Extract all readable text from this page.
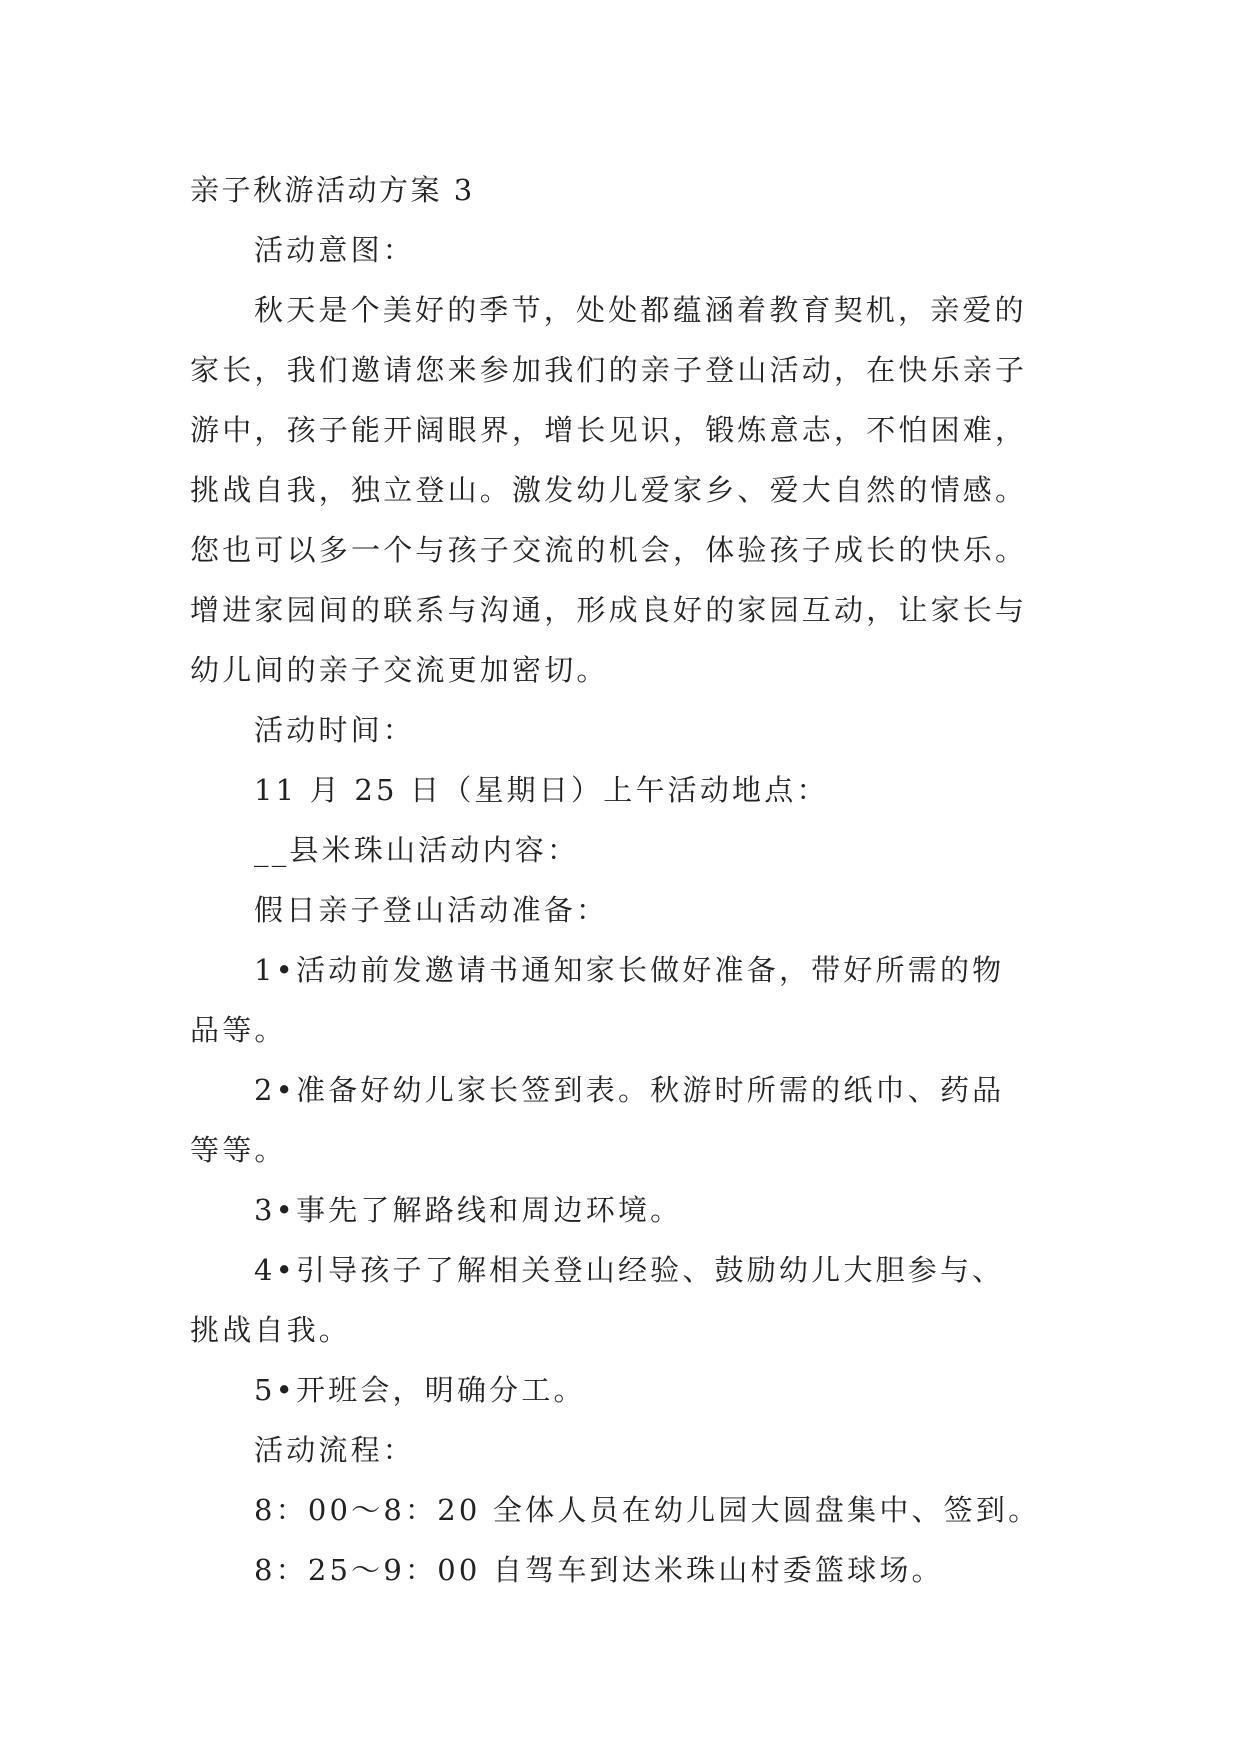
亲子秋游活动方案 3
活动意图：
秋天是个美好的季节，处处都蕴涵着教育契机，亲爱的
家长，我们邀请您来参加我们的亲子登山活动，在快乐亲子
游中，孩子能开阔眼界，增长见识，锻炼意志，不怕困难，
挑战自我，独立登山。激发幼儿爱家乡、爱大自然的情感。
您也可以多一个与孩子交流的机会，体验孩子成长的快乐。
增进家园间的联系与沟通，形成良好的家园互动，让家长与
幼儿间的亲子交流更加密切。
活动时间：
11 月 25 日（星期日）上午活动地点：
__县米珠山活动内容：
假日亲子登山活动准备：
1•活动前发邀请书通知家长做好准备，带好所需的物
品等。
2•准备好幼儿家长签到表。秋游时所需的纸巾、药品
等等。
3•事先了解路线和周边环境。
4•引导孩子了解相关登山经验、鼓励幼儿大胆参与、
挑战自我。
5•开班会，明确分工。
活动流程：
8：00～8：20 全体人员在幼儿园大圆盘集中、签到。
8：25～9：00 自驾车到达米珠山村委篮球场。
